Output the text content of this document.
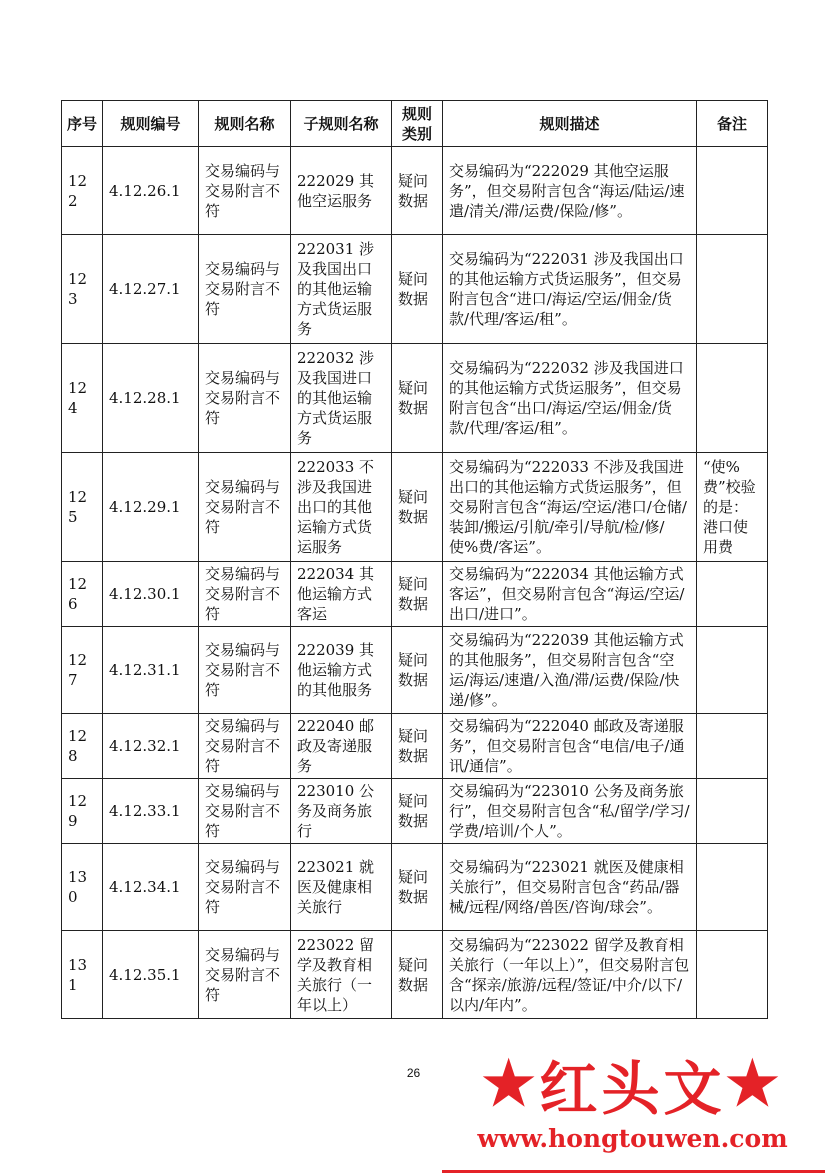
序号	规则编号	规则名称	子规则名称	规则类别	规则描述	备注
122	4.12.26.1	交易编码与交易附言不符	222029 其他空运服务	疑问数据	交易编码为“222029 其他空运服务”，但交易附言包含“海运/陆运/速遣/清关/滞/运费/保险/修”。	
123	4.12.27.1	交易编码与交易附言不符	222031 涉及我国出口的其他运输方式货运服务	疑问数据	交易编码为“222031 涉及我国出口的其他运输方式货运服务”，但交易附言包含“进口/海运/空运/佣金/货款/代理/客运/租”。	
124	4.12.28.1	交易编码与交易附言不符	222032 涉及我国进口的其他运输方式货运服务	疑问数据	交易编码为“222032 涉及我国进口的其他运输方式货运服务”，但交易附言包含“出口/海运/空运/佣金/货款/代理/客运/租”。	
125	4.12.29.1	交易编码与交易附言不符	222033 不涉及我国进出口的其他运输方式货运服务	疑问数据	交易编码为“222033 不涉及我国进出口的其他运输方式货运服务”，但交易附言包含“海运/空运/港口/仓储/装卸/搬运/引航/牵引/导航/检/修/使%费/客运”。	“使%费”校验的是：港口使用费
126	4.12.30.1	交易编码与交易附言不符	222034 其他运输方式客运	疑问数据	交易编码为“222034 其他运输方式客运”，但交易附言包含“海运/空运/出口/进口”。	
127	4.12.31.1	交易编码与交易附言不符	222039 其他运输方式的其他服务	疑问数据	交易编码为“222039 其他运输方式的其他服务”，但交易附言包含“空运/海运/速遣/入渔/滞/运费/保险/快递/修”。	
128	4.12.32.1	交易编码与交易附言不符	222040 邮政及寄递服务	疑问数据	交易编码为“222040 邮政及寄递服务”，但交易附言包含“电信/电子/通讯/通信”。	
129	4.12.33.1	交易编码与交易附言不符	223010 公务及商务旅行	疑问数据	交易编码为“223010 公务及商务旅行”，但交易附言包含“私/留学/学习/学费/培训/个人”。	
130	4.12.34.1	交易编码与交易附言不符	223021 就医及健康相关旅行	疑问数据	交易编码为“223021 就医及健康相关旅行”，但交易附言包含“药品/器械/远程/网络/兽医/咨询/球会”。	
131	4.12.35.1	交易编码与交易附言不符	223022 留学及教育相关旅行（一年以上）	疑问数据	交易编码为“223022 留学及教育相关旅行（一年以上）”，但交易附言包含“探亲/旅游/远程/签证/中介/以下/以内/年内”。	
26	★ 红头文 ★
www.hongtouwen.com
